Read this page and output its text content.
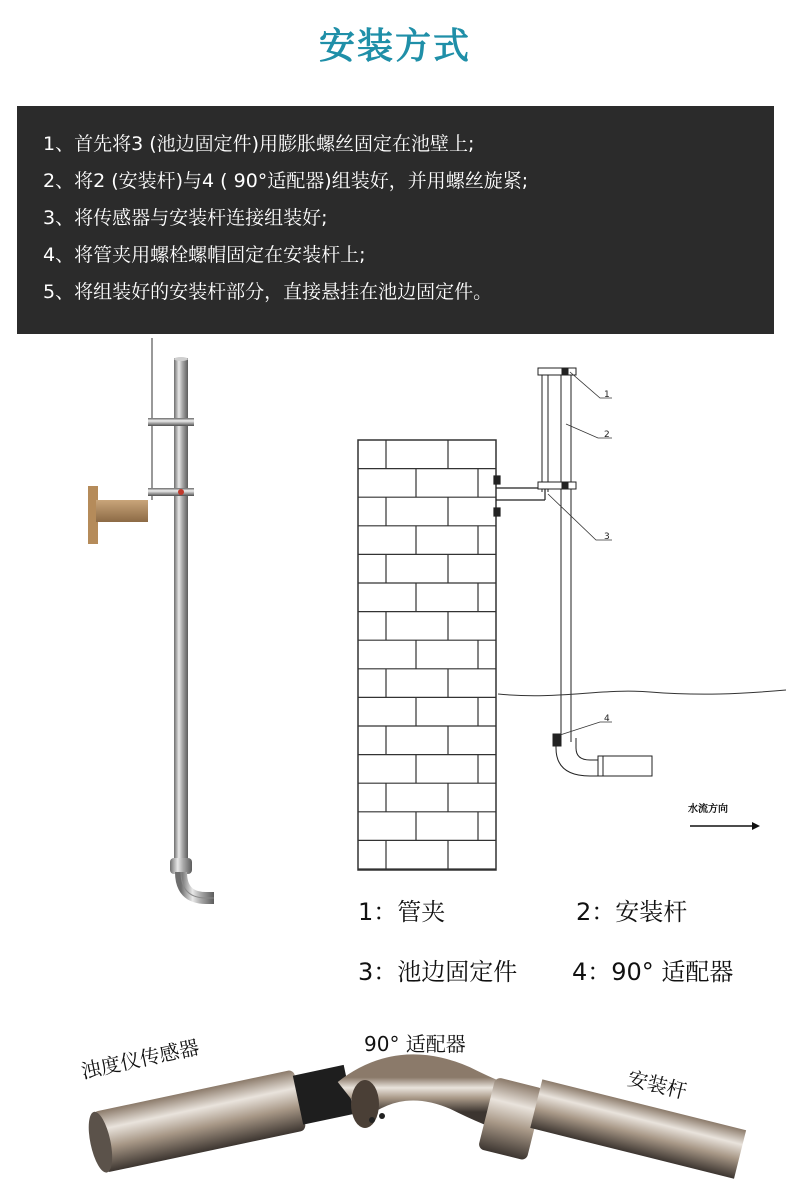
安装方式
1、首先将3 (池边固定件)用膨胀螺丝固定在池壁上;
2、将2 (安装杆)与4 ( 90°适配器)组装好，并用螺丝旋紧;
3、将传感器与安装杆连接组装好;
4、将管夹用螺栓螺帽固定在安装杆上;
5、将组装好的安装杆部分，直接悬挂在池边固定件。
1
2
3
4
水流方向
1：管夹	2：安装杆
3：池边固定件 4：90° 适配器
浊度仪传感器	90° 适配器
安装杆
